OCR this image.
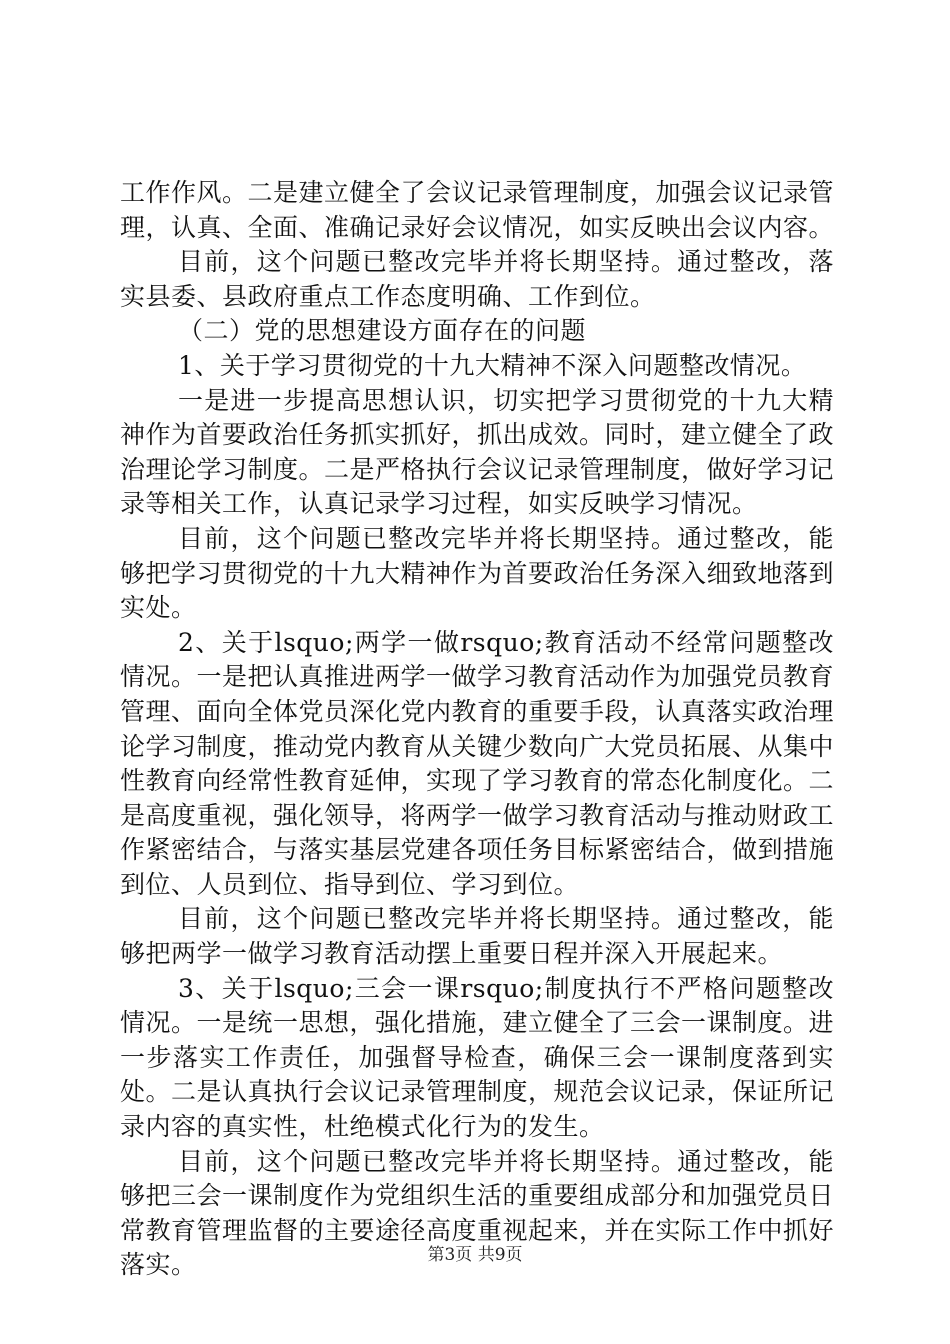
工作作风。二是建立健全了会议记录管理制度，加强会议记录管理，认真、全面、准确记录好会议情况，如实反映出会议内容。

目前，这个问题已整改完毕并将长期坚持。通过整改，落实县委、县政府重点工作态度明确、工作到位。

（二）党的思想建设方面存在的问题

1、关于学习贯彻党的十九大精神不深入问题整改情况。

一是进一步提高思想认识，切实把学习贯彻党的十九大精神作为首要政治任务抓实抓好，抓出成效。同时，建立健全了政治理论学习制度。二是严格执行会议记录管理制度，做好学习记录等相关工作，认真记录学习过程，如实反映学习情况。

目前，这个问题已整改完毕并将长期坚持。通过整改，能够把学习贯彻党的十九大精神作为首要政治任务深入细致地落到实处。

2、关于lsquo;两学一做rsquo;教育活动不经常问题整改情况。一是把认真推进两学一做学习教育活动作为加强党员教育管理、面向全体党员深化党内教育的重要手段，认真落实政治理论学习制度，推动党内教育从关键少数向广大党员拓展、从集中性教育向经常性教育延伸，实现了学习教育的常态化制度化。二是高度重视，强化领导，将两学一做学习教育活动与推动财政工作紧密结合，与落实基层党建各项任务目标紧密结合，做到措施到位、人员到位、指导到位、学习到位。

目前，这个问题已整改完毕并将长期坚持。通过整改，能够把两学一做学习教育活动摆上重要日程并深入开展起来。

3、关于lsquo;三会一课rsquo;制度执行不严格问题整改情况。一是统一思想，强化措施，建立健全了三会一课制度。进一步落实工作责任，加强督导检查，确保三会一课制度落到实处。二是认真执行会议记录管理制度，规范会议记录，保证所记录内容的真实性，杜绝模式化行为的发生。

目前，这个问题已整改完毕并将长期坚持。通过整改，能够把三会一课制度作为党组织生活的重要组成部分和加强党员日常教育管理监督的主要途径高度重视起来，并在实际工作中抓好落实。	第3页 共9页
